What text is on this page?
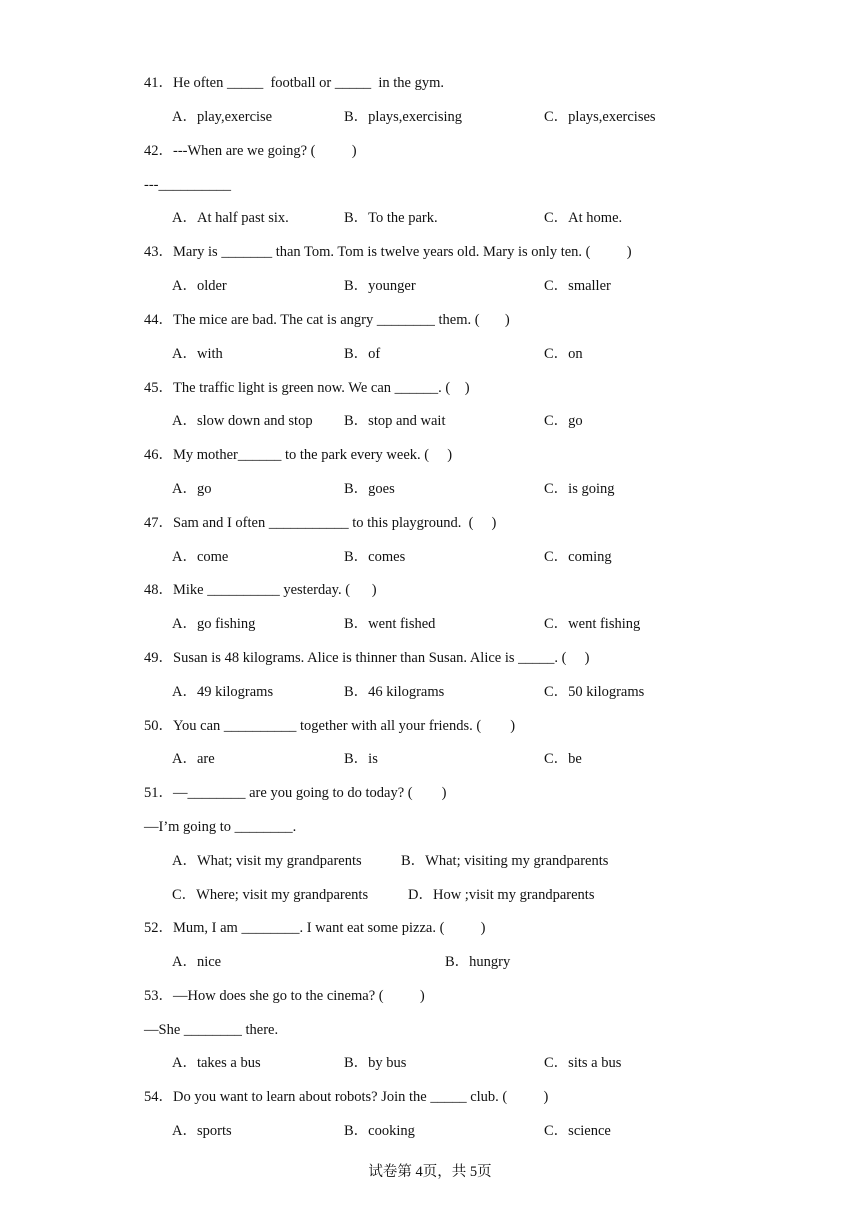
41．He often _____  football or _____  in the gym.
A．play,exercise	B．plays,exercising	C．plays,exercises
42．---When are we going? (          )
---__________
A．At half past six.	B．To the park.	C．At home.
43．Mary is _______ than Tom. Tom is twelve years old. Mary is only ten. (          )
A．older	B．younger	C．smaller
44．The mice are bad. The cat is angry ________ them. (       )
A．with	B．of	C．on
45．The traffic light is green now. We can ______. (    )
A．slow down and stop B．stop and wait	C．go
46．My mother______ to the park every week. (     )
A．go	B．goes	C．is going
47．Sam and I often ___________ to this playground.  (     )
A．come	B．comes	C．coming
48．Mike __________ yesterday. (      )
A．go fishing	B．went fished	C．went fishing
49．Susan is 48 kilograms. Alice is thinner than Susan. Alice is _____. (     )
A．49 kilograms	B．46 kilograms	C．50 kilograms
50．You can __________ together with all your friends. (        )
A．are	B．is	C．be
51．—________ are you going to do today? (        )
—I’m going to ________.
A．What; visit my grandparents	B．What; visiting my grandparents
C．Where; visit my grandparents	D．How ;visit my grandparents
52．Mum, I am ________. I want eat some pizza. (          )
A．nice	B．hungry
53．—How does she go to the cinema? (          )
—She ________ there.
A．takes a bus	B．by bus	C．sits a bus
54．Do you want to learn about robots? Join the _____ club. (          )
A．sports	B．cooking	C．science
试卷第 4页，共 5页
